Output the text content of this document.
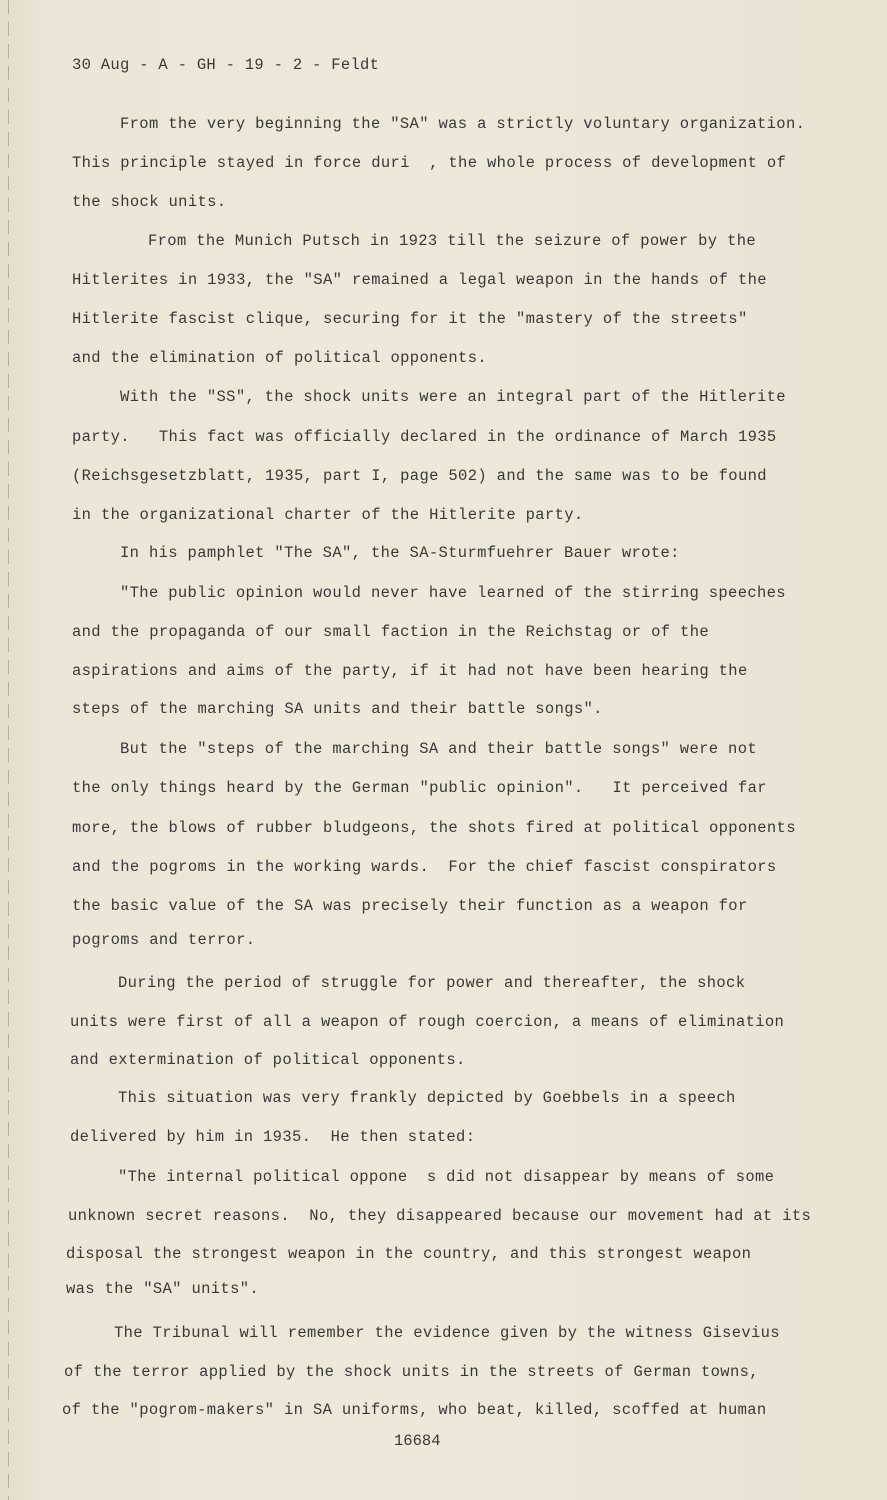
30 Aug - A - GH - 19 - 2 - Feldt
From the very beginning the "SA" was a strictly voluntary organization.
This principle stayed in force duri  , the whole process of development of
the shock units.
From the Munich Putsch in 1923 till the seizure of power by the
Hitlerites in 1933, the "SA" remained a legal weapon in the hands of the
Hitlerite fascist clique, securing for it the "mastery of the streets"
and the elimination of political opponents.
With the "SS", the shock units were an integral part of the Hitlerite
party.   This fact was officially declared in the ordinance of March 1935
(Reichsgesetzblatt, 1935, part I, page 502) and the same was to be found
in the organizational charter of the Hitlerite party.
In his pamphlet "The SA", the SA-Sturmfuehrer Bauer wrote:
"The public opinion would never have learned of the stirring speeches
and the propaganda of our small faction in the Reichstag or of the
aspirations and aims of the party, if it had not have been hearing the
steps of the marching SA units and their battle songs".
But the "steps of the marching SA and their battle songs" were not
the only things heard by the German "public opinion".   It perceived far
more, the blows of rubber bludgeons, the shots fired at political opponents
and the pogroms in the working wards.  For the chief fascist conspirators
the basic value of the SA was precisely their function as a weapon for
pogroms and terror.
During the period of struggle for power and thereafter, the shock
units were first of all a weapon of rough coercion, a means of elimination
and extermination of political opponents.
This situation was very frankly depicted by Goebbels in a speech
delivered by him in 1935.  He then stated:
"The internal political oppone  s did not disappear by means of some
unknown secret reasons.  No, they disappeared because our movement had at its
disposal the strongest weapon in the country, and this strongest weapon
was the "SA" units".
The Tribunal will remember the evidence given by the witness Gisevius
of the terror applied by the shock units in the streets of German towns,
of the "pogrom-makers" in SA uniforms, who beat, killed, scoffed at human
16684
